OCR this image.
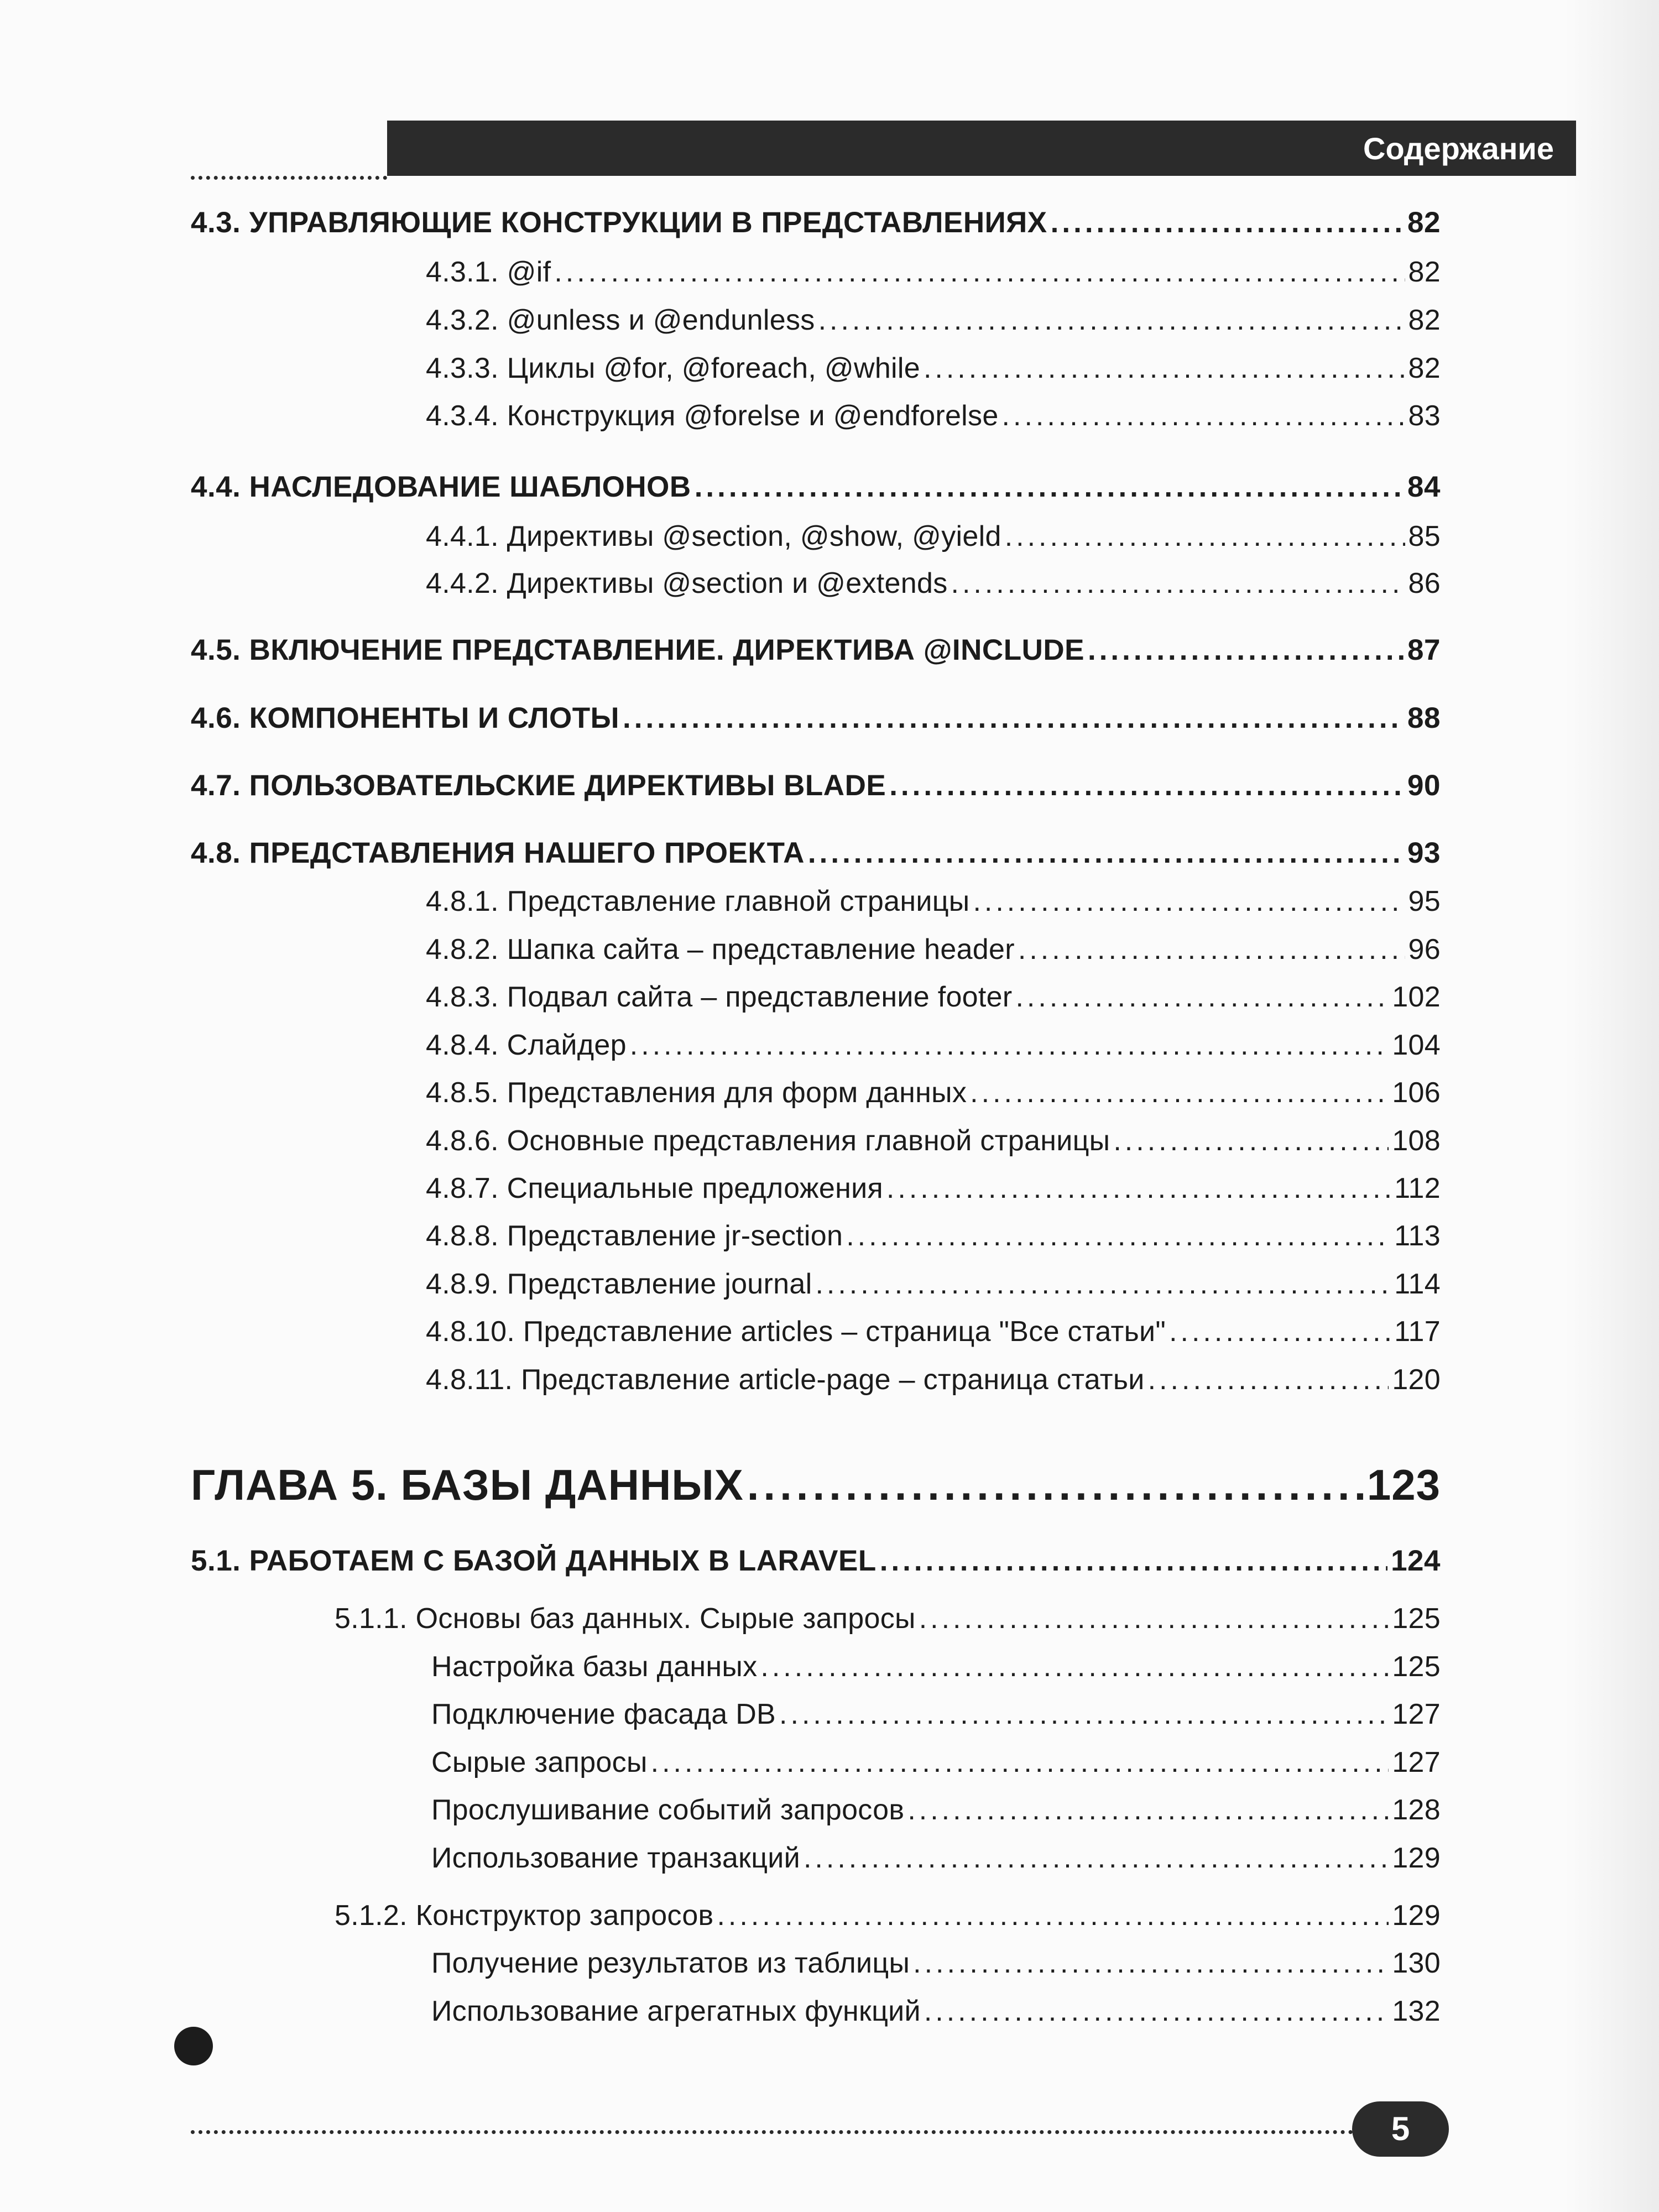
Содержание
4.3. УПРАВЛЯЮЩИЕ КОНСТРУКЦИИ В ПРЕДСТАВЛЕНИЯХ .....	82
4.3.1. @if .....	82
4.3.2. @unless и @endunless .....	82
4.3.3. Циклы @for, @foreach, @while .....	82
4.3.4. Конструкция @forelse и @endforelse .....	83
4.4. НАСЛЕДОВАНИЕ ШАБЛОНОВ .....	84
4.4.1. Директивы @section, @show, @yield .....	85
4.4.2. Директивы @section и @extends .....	86
4.5. ВКЛЮЧЕНИЕ ПРЕДСТАВЛЕНИЕ. ДИРЕКТИВА @INCLUDE .....	87
4.6. КОМПОНЕНТЫ И СЛОТЫ .....	88
4.7. ПОЛЬЗОВАТЕЛЬСКИЕ ДИРЕКТИВЫ BLADE .....	90
4.8. ПРЕДСТАВЛЕНИЯ НАШЕГО ПРОЕКТА .....	93
4.8.1. Представление главной страницы .....	95
4.8.2. Шапка сайта – представление header .....	96
4.8.3. Подвал сайта – представление footer .....	102
4.8.4. Слайдер .....	104
4.8.5. Представления для форм данных .....	106
4.8.6. Основные представления главной страницы .....	108
4.8.7. Специальные предложения .....	112
4.8.8. Представление jr-section .....	113
4.8.9. Представление journal .....	114
4.8.10. Представление articles – страница "Все статьи" .....	117
4.8.11. Представление article-page – страница статьи .....	120
ГЛАВА 5. БАЗЫ ДАННЫХ .....	123
5.1. РАБОТАЕМ С БАЗОЙ ДАННЫХ В LARAVEL .....	124
5.1.1. Основы баз данных. Сырые запросы .....	125
Настройка базы данных .....	125
Подключение фасада DB .....	127
Сырые запросы .....	127
Прослушивание событий запросов .....	128
Использование транзакций .....	129
5.1.2. Конструктор запросов .....	129
Получение результатов из таблицы .....	130
Использование агрегатных функций .....	132
5
